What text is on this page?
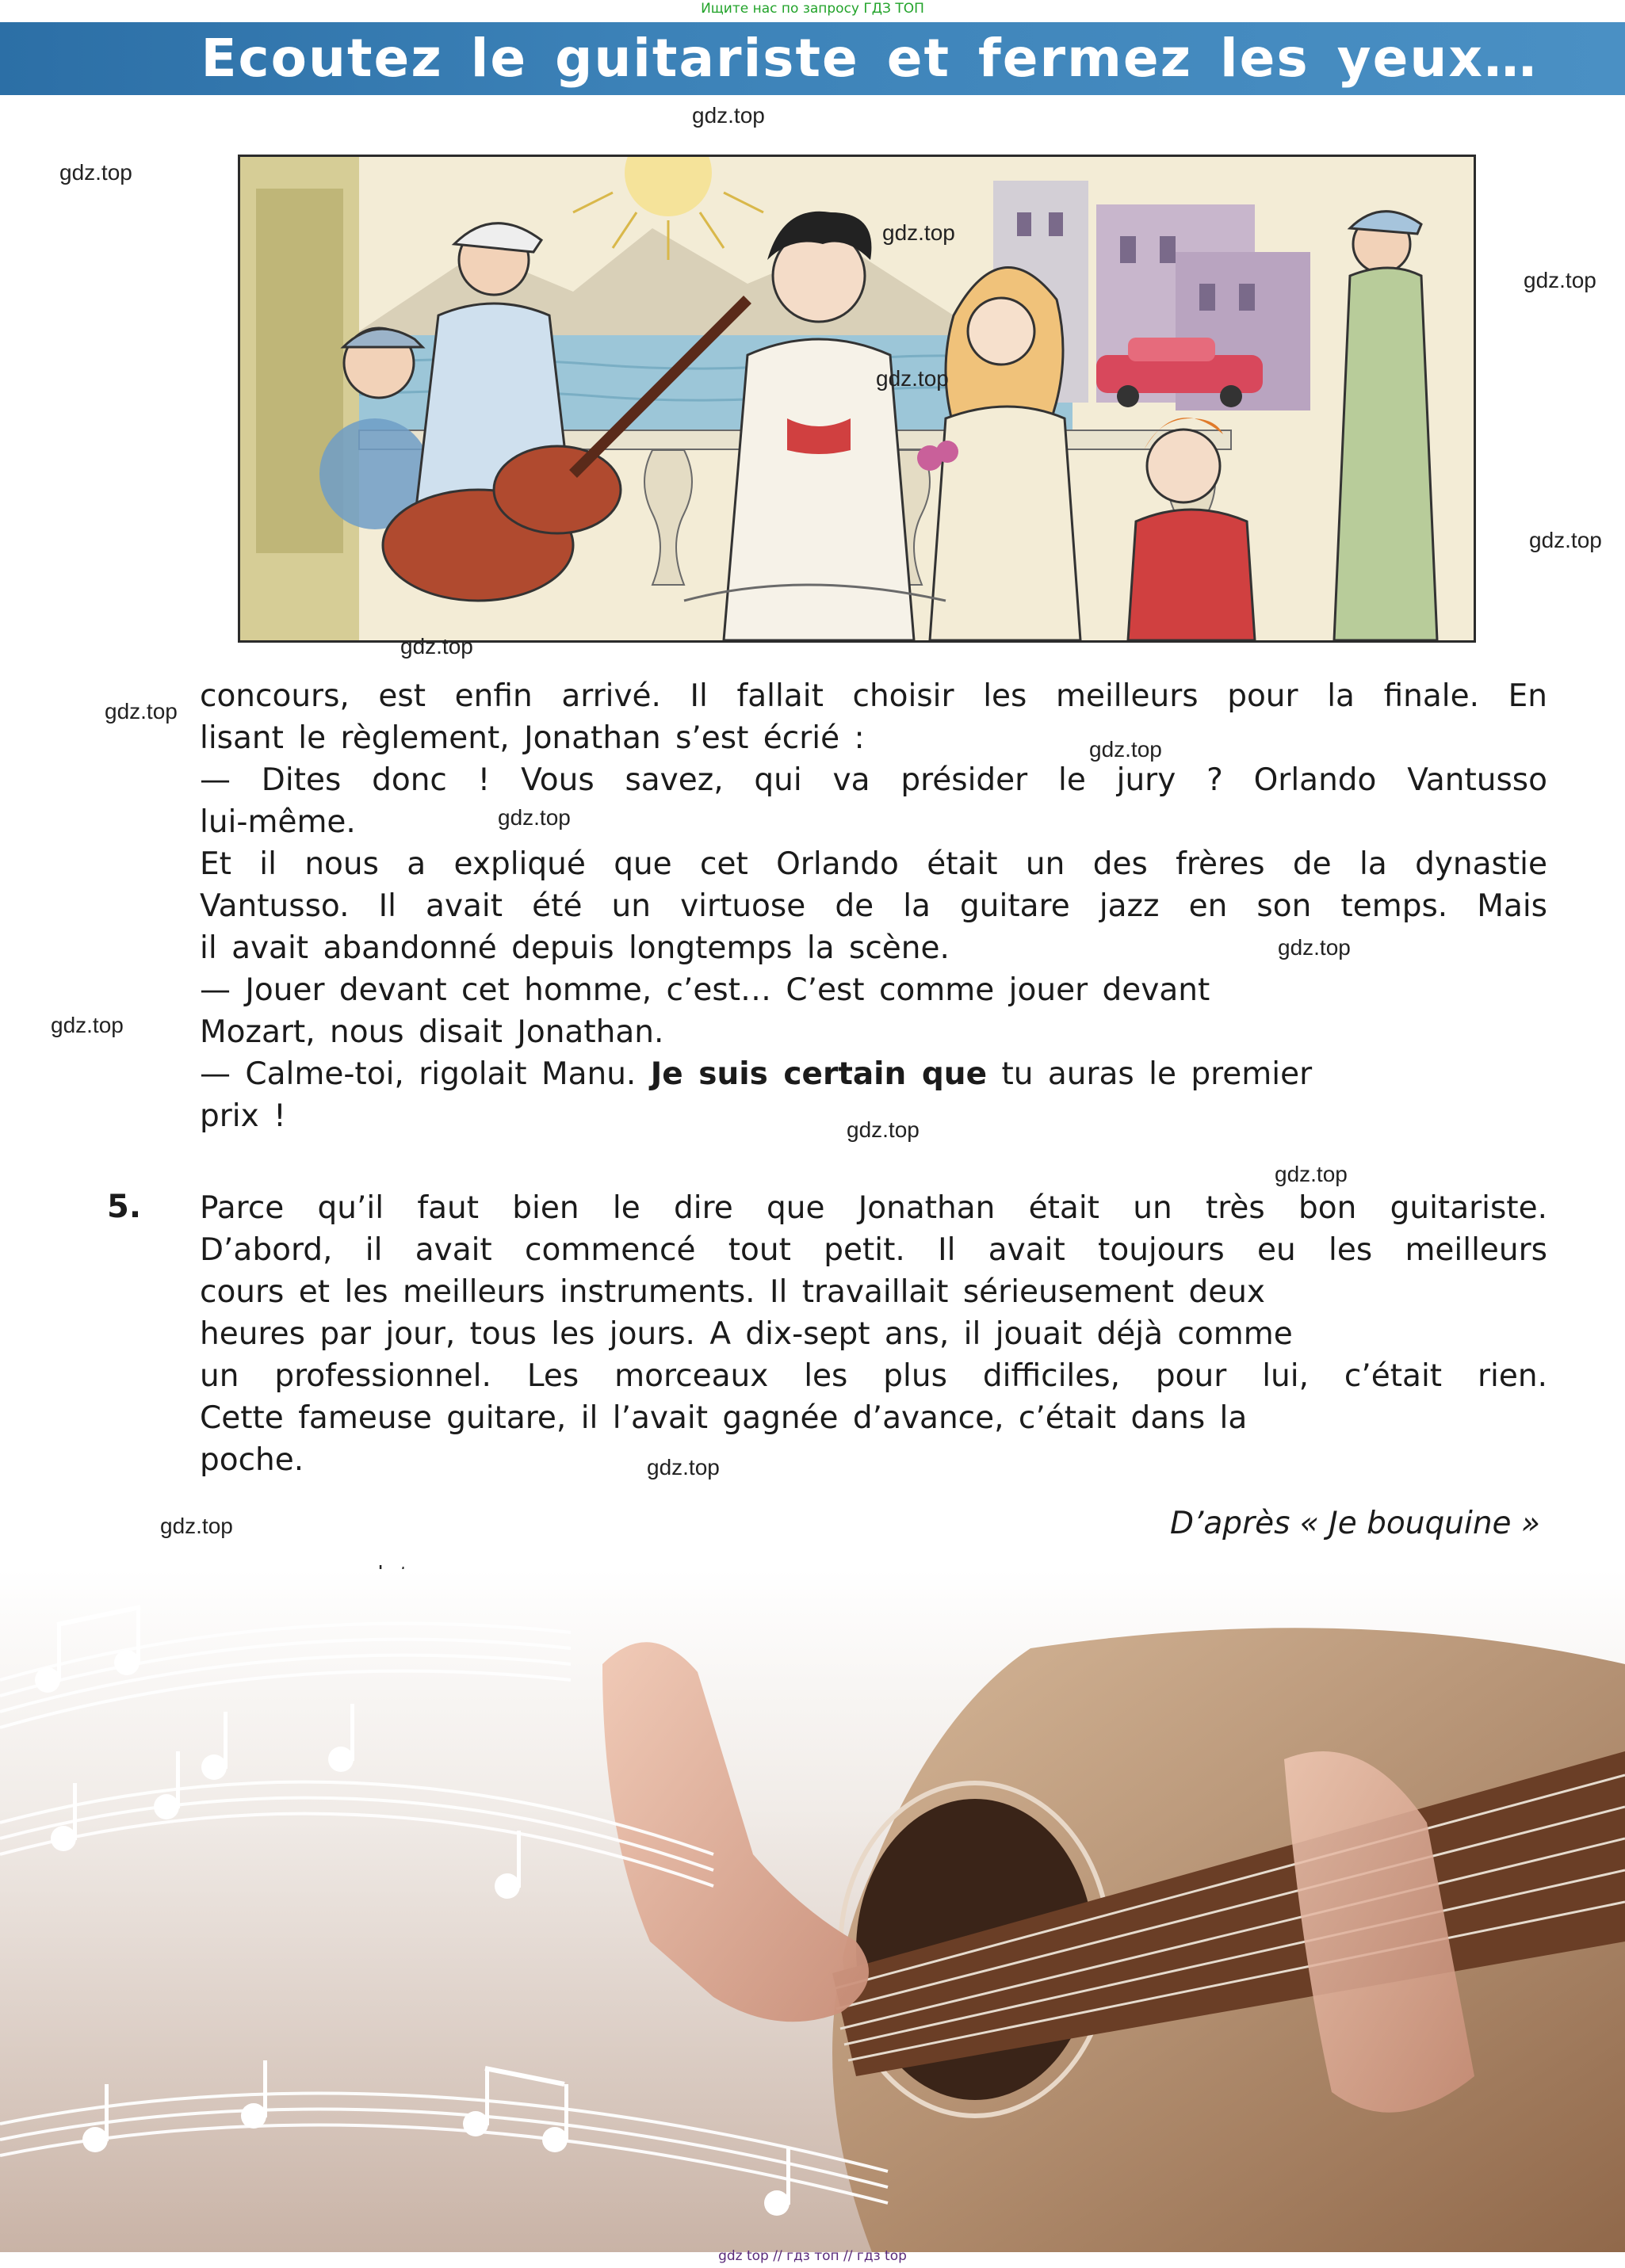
Ищите нас по запросу ГДЗ ТОП
Ecoutez le guitariste et fermez les yeux…
gdz.top
gdz.top
gdz.top
gdz.top
gdz.top
gdz.top
gdz.top
gdz.top
gdz.top
gdz.top
gdz.top
gdz.top
gdz.top
gdz.top
gdz.top
gdz.top

concours, est enfin arrivé. Il fallait choisir les meilleurs pour la finale. En

lisant le règlement, Jonathan s’est écrié :

— Dites donc ! Vous savez, qui va présider le jury ? Orlando Vantusso

lui-même.

Et il nous a expliqué que cet Orlando était un des frères de la dynastie

Vantusso. Il avait été un virtuose de la guitare jazz en son temps. Mais

il avait abandonné depuis longtemps la scène.

— Jouer devant cet homme, c’est… C’est comme jouer devant

Mozart, nous disait Jonathan.

— Calme-toi, rigolait Manu. Je suis certain que tu auras le premier

prix !

5. Parce qu’il faut bien le dire que Jonathan était un très bon guitariste.

D’abord, il avait commencé tout petit. Il avait toujours eu les meilleurs

cours et les meilleurs instruments. Il travaillait sérieusement deux

heures par jour, tous les jours. A dix-sept ans, il jouait déjà comme

un professionnel. Les morceaux les plus difficiles, pour lui, c’était rien.

Cette fameuse guitare, il l’avait gagnée d’avance, c’était dans la

poche.

D’après « Je bouquine »
gdz top // гдз топ // гдз top
